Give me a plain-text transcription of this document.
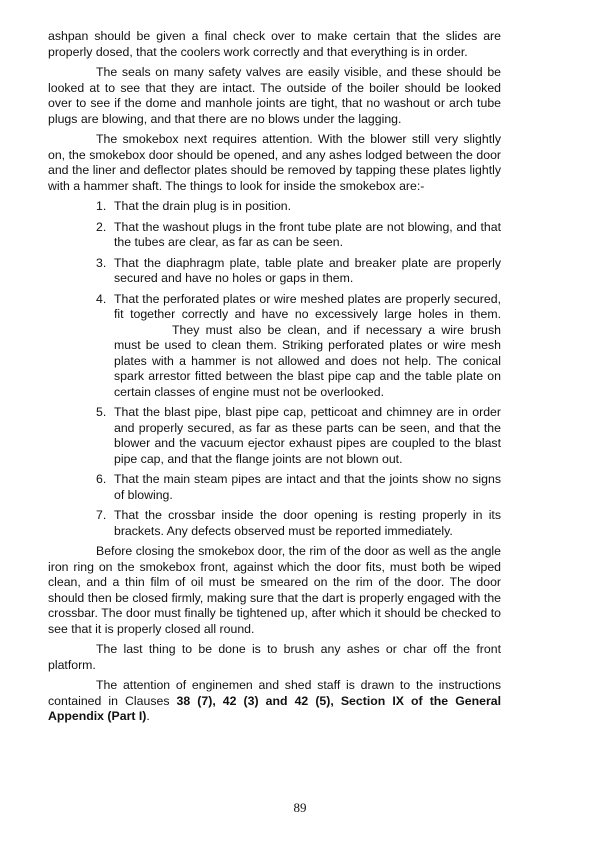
ashpan should be given a final check over to make certain that the slides are properly dosed, that the coolers work correctly and that everything is in order.

The seals on many safety valves are easily visible, and these should be looked at to see that they are intact. The outside of the boiler should be looked over to see if the dome and manhole joints are tight, that no washout or arch tube plugs are blowing, and that there are no blows under the lagging.

The smokebox next requires attention. With the blower still very slightly on, the smokebox door should be opened, and any ashes lodged between the door and the liner and deflector plates should be removed by tapping these plates lightly with a hammer shaft. The things to look for inside the smokebox are:-

1. That the drain plug is in position.
2. That the washout plugs in the front tube plate are not blowing, and that the tubes are clear, as far as can be seen.
3. That the diaphragm plate, table plate and breaker plate are properly secured and have no holes or gaps in them.
4. That the perforated plates or wire meshed plates are properly secured, fit together correctly and have no excessively large holes in them.They must also be clean, and if necessary a wire brush must be used to clean them. Striking perforated plates or wire mesh plates with a hammer is not allowed and does not help. The conical spark arrestor fitted between the blast pipe cap and the table plate on certain classes of engine must not be overlooked.
5. That the blast pipe, blast pipe cap, petticoat and chimney are in order and properly secured, as far as these parts can be seen, and that the blower and the vacuum ejector exhaust pipes are coupled to the blast pipe cap, and that the flange joints are not blown out.
6. That the main steam pipes are intact and that the joints show no signs of blowing.
7. That the crossbar inside the door opening is resting properly in its brackets. Any defects observed must be reported immediately.

Before closing the smokebox door, the rim of the door as well as the angle iron ring on the smokebox front, against which the door fits, must both be wiped clean, and a thin film of oil must be smeared on the rim of the door. The door should then be closed firmly, making sure that the dart is properly engaged with the crossbar. The door must finally be tightened up, after which it should be checked to see that it is properly closed all round.

The last thing to be done is to brush any ashes or char off the front platform.

The attention of enginemen and shed staff is drawn to the instructions contained in Clauses 38 (7), 42 (3) and 42 (5), Section IX of the General Appendix (Part I).

89
